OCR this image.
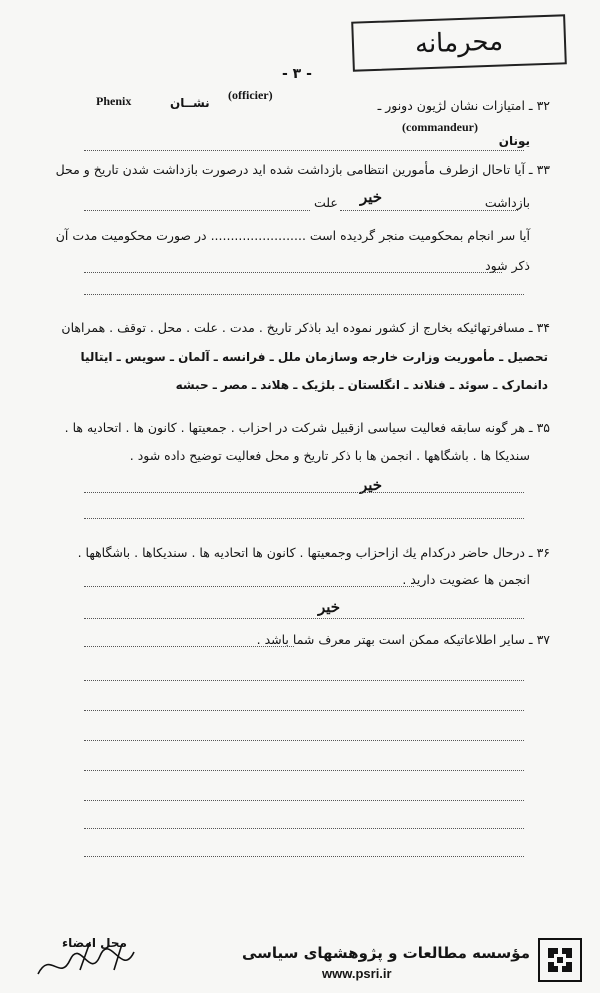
محرمانه
- ۳ -
Phenix	نشــان
(officier)
۳۲ ـ امتیازات نشان لژیون دونور ـ
(commandeur)
یونان
۳۳ ـ آیا تاحال ازطرف مأمورین انتظامی بازداشت شده اید درصورت بازداشت شدن تاریخ و محل
بازداشت
خیر
علت
آیا سر انجام بمحکومیت منجر گردیده است ........................ در صورت محکومیت مدت آن
ذکر شود
۳۴ ـ مسافرتهائیکه بخارج از کشور نموده اید باذکر تاریخ . مدت . علت . محل . توقف . همراهان
تحصیل ـ مأموریت وزارت خارجه وسازمان ملل ـ فرانسه ـ آلمان ـ سویس ـ ایتالیا
دانمارک ـ سوئد ـ فنلاند ـ انگلستان ـ بلژیک ـ هلاند ـ مصر ـ حبشه
۳۵ ـ هر گونه سابقه فعالیت سیاسی ازقبیل شرکت در احزاب . جمعیتها . کانون ها . اتحادیه ها .
سندیکا ها . باشگاهها . انجمن ها با ذکر تاریخ و محل فعالیت توضیح داده شود .
خیر
۳۶ ـ درحال حاضر درکدام یك ازاحزاب وجمعیتها . کانون ها اتحادیه ها . سندیکاها . باشگاهها .
انجمن ها عضویت دارید .
خیر
۳۷ ـ سایر اطلاعاتیکه ممکن است بهتر معرف شما باشد .
محل امضاء
مؤسسه مطالعات و پژوهشهای سیاسی
www.psri.ir
